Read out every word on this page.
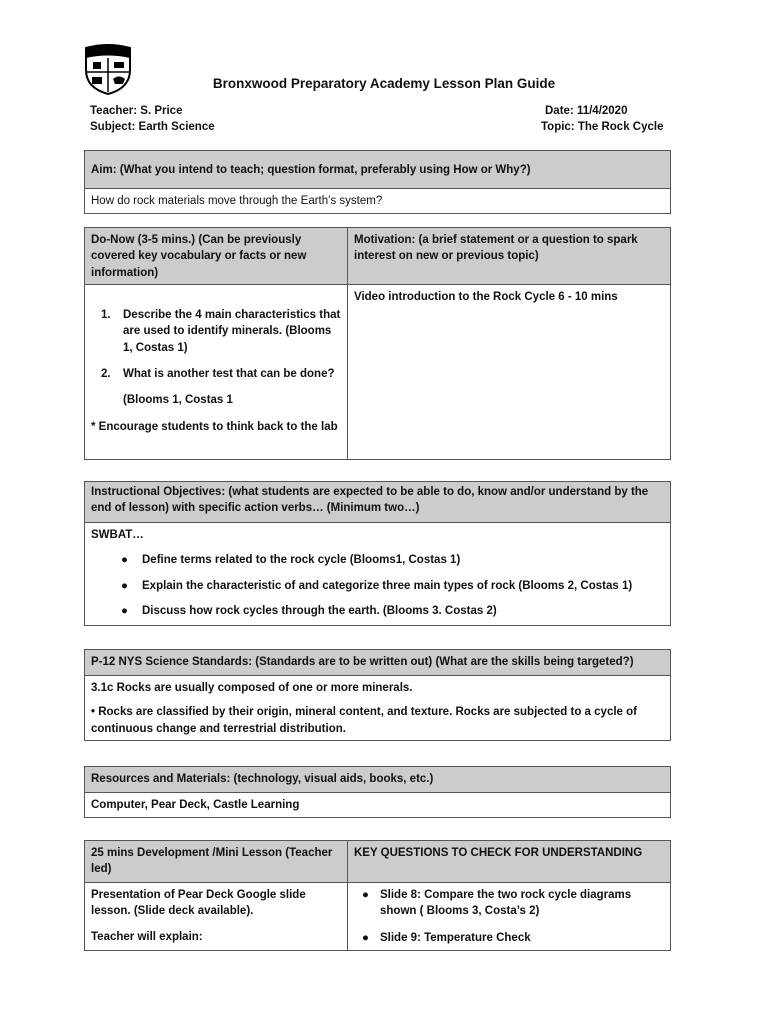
Bronxwood Preparatory Academy Lesson Plan Guide
Teacher: S. Price
Subject: Earth Science
Date: 11/4/2020
Topic: The Rock Cycle
Aim: (What you intend to teach; question format, preferably using How or Why?)
How do rock materials move through the Earth’s system?
Do-Now (3-5 mins.) (Can be previously covered key vocabulary or facts or new information)
Motivation: (a brief statement or a question to spark interest on new or previous topic)
1. Describe the 4 main characteristics that are used to identify minerals. (Blooms 1, Costas 1)
2. What is another test that can be done?
(Blooms 1, Costas 1
* Encourage students to think back to the lab
Video introduction to the Rock Cycle 6 - 10 mins
Instructional Objectives: (what students are expected to be able to do, know and/or understand by the end of lesson) with specific action verbs… (Minimum two…)
SWBAT…
● Define terms related to the rock cycle (Blooms1, Costas 1)
● Explain the characteristic of and categorize three main types of rock (Blooms 2, Costas 1)
● Discuss how rock cycles through the earth. (Blooms 3. Costas 2)
P-12 NYS Science Standards: (Standards are to be written out) (What are the skills being targeted?)
3.1c Rocks are usually composed of one or more minerals.
• Rocks are classified by their origin, mineral content, and texture. Rocks are subjected to a cycle of continuous change and terrestrial distribution.
Resources and Materials: (technology, visual aids, books, etc.)
Computer, Pear Deck, Castle Learning
25 mins Development /Mini Lesson (Teacher led)
KEY QUESTIONS TO CHECK FOR UNDERSTANDING
Presentation of Pear Deck Google slide lesson. (Slide deck available).
Teacher will explain:
● Slide 8: Compare the two rock cycle diagrams shown ( Blooms 3, Costa’s 2)
● Slide 9: Temperature Check
